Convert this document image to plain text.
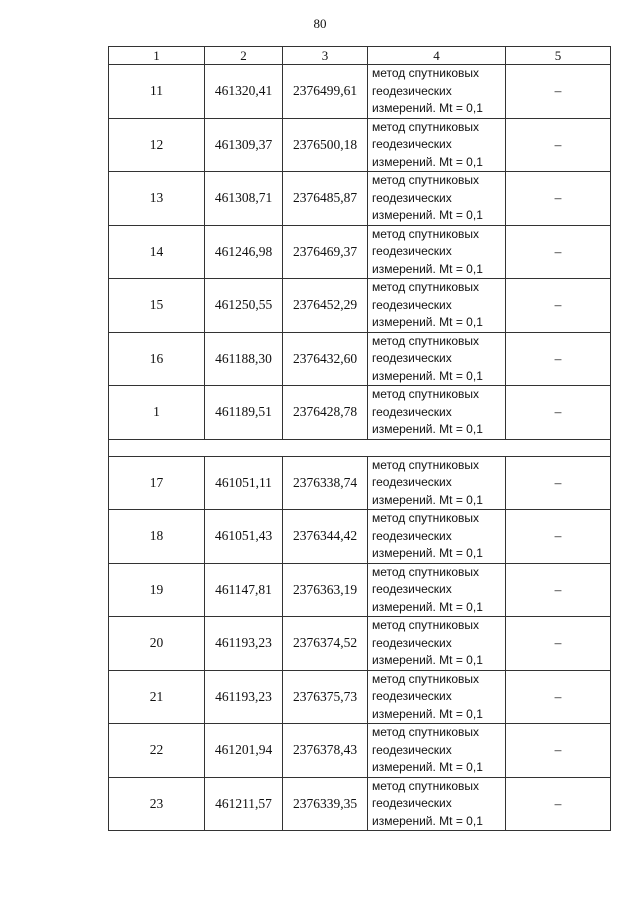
80
1	2	3	4	5
11	461320,41	2376499,61	метод спутниковых
геодезических
измерений. Mt = 0,1	–
12	461309,37	2376500,18	метод спутниковых
геодезических
измерений. Mt = 0,1	–
13	461308,71	2376485,87	метод спутниковых
геодезических
измерений. Mt = 0,1	–
14	461246,98	2376469,37	метод спутниковых
геодезических
измерений. Mt = 0,1	–
15	461250,55	2376452,29	метод спутниковых
геодезических
измерений. Mt = 0,1	–
16	461188,30	2376432,60	метод спутниковых
геодезических
измерений. Mt = 0,1	–
1	461189,51	2376428,78	метод спутниковых
геодезических
измерений. Mt = 0,1	–

17	461051,11	2376338,74	метод спутниковых
геодезических
измерений. Mt = 0,1	–
18	461051,43	2376344,42	метод спутниковых
геодезических
измерений. Mt = 0,1	–
19	461147,81	2376363,19	метод спутниковых
геодезических
измерений. Mt = 0,1	–
20	461193,23	2376374,52	метод спутниковых
геодезических
измерений. Mt = 0,1	–
21	461193,23	2376375,73	метод спутниковых
геодезических
измерений. Mt = 0,1	–
22	461201,94	2376378,43	метод спутниковых
геодезических
измерений. Mt = 0,1	–
23	461211,57	2376339,35	метод спутниковых
геодезических
измерений. Mt = 0,1	–
